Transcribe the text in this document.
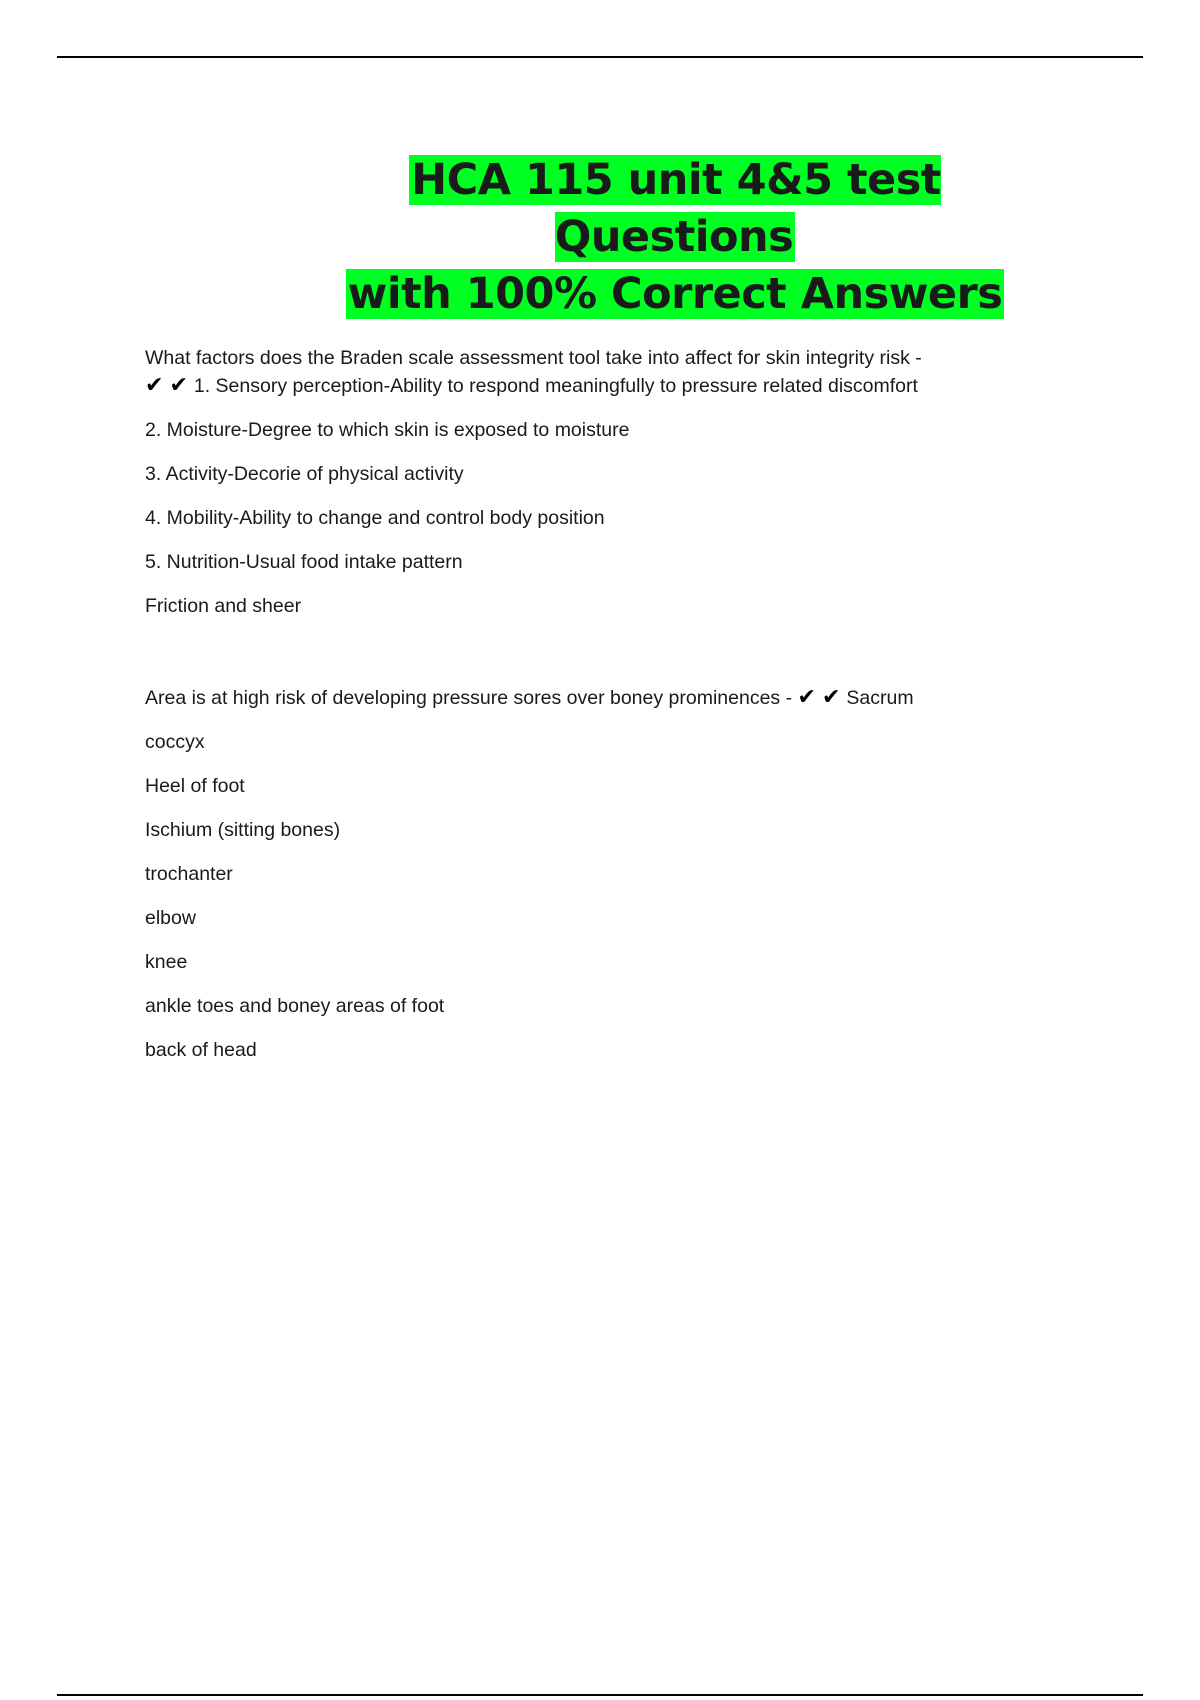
HCA 115 unit 4&5 test Questions
with 100% Correct Answers
What factors does the Braden scale assessment tool take into affect for skin integrity risk -
✔ ✔ 1. Sensory perception-Ability to respond meaningfully to pressure related discomfort
2. Moisture-Degree to which skin is exposed to moisture
3. Activity-Decorie of physical activity
4. Mobility-Ability to change and control body position
5. Nutrition-Usual food intake pattern
Friction and sheer
Area is at high risk of developing pressure sores over boney prominences - ✔ ✔ Sacrum
coccyx
Heel of foot
Ischium (sitting bones)
trochanter
elbow
knee
ankle toes and boney areas of foot
back of head
